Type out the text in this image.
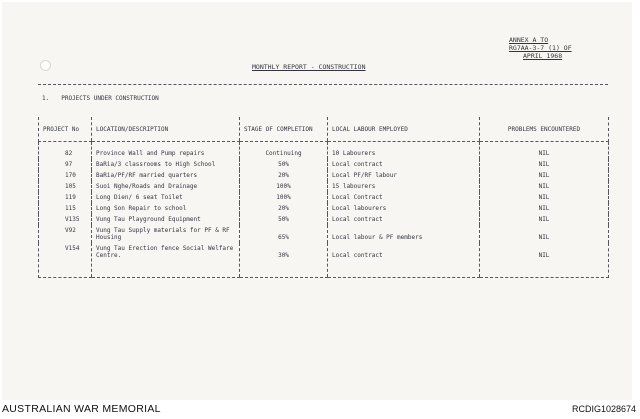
ANNEX A TO
RG7AA-3-7 (1) OF
APRIL 1968
MONTHLY REPORT - CONSTRUCTION
1. PROJECTS UNDER CONSTRUCTION
PROJECT No	LOCATION/DESCRIPTION	STAGE OF COMPLETION	LOCAL LABOUR EMPLOYED	PROBLEMS ENCOUNTERED
82	Province Wall and Pump repairs	Continuing	10 Labourers	NIL
97	BaRia/3 classrooms to High School	50%	Local contract	NIL
170	BaRia/PF/RF married quarters	20%	Local PF/RF labour	NIL
105	Suoi Nghe/Roads and Drainage	100%	15 labourers	NIL
119	Long Dien/ 6 seat Toilet	100%	Local Contract	NIL
115	Long Son Repair to school	20%	Local labourers	NIL
V135	Vung Tau Playground Equipment	50%	Local contract	NIL
V92	Vung Tau Supply materials for PF & RF Housing	65%	Local labour & PF members	NIL
V154	Vung Tau Erection fence Social Welfare Centre.	30%	Local contract	NIL
AUSTRALIAN WAR MEMORIAL	RCDIG1028674
